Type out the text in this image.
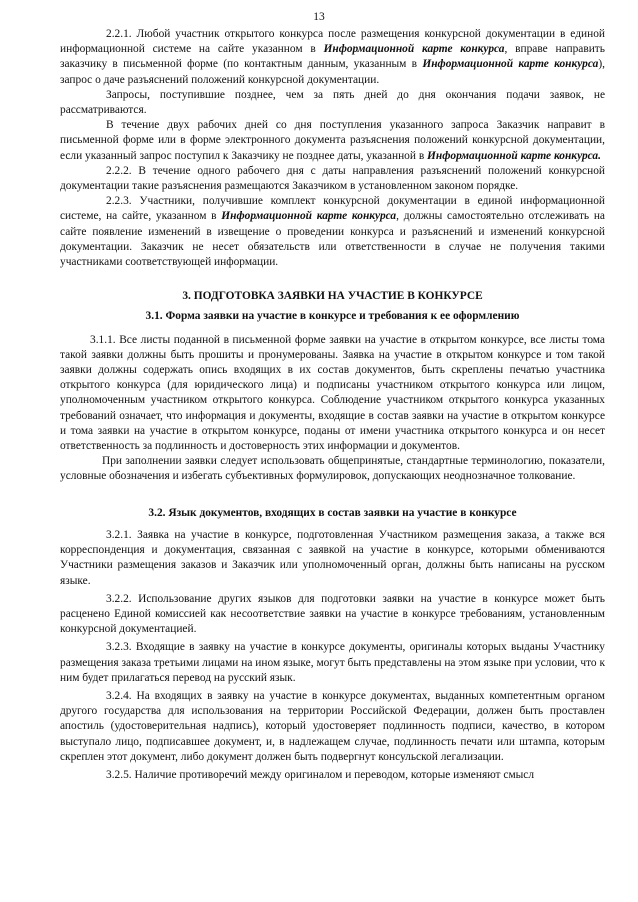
13

2.2.1. Любой участник открытого конкурса после размещения конкурсной документации в единой информационной системе на сайте указанном в Информационной карте конкурса, вправе направить заказчику в письменной форме (по контактным данным, указанным в Информационной карте конкурса), запрос о даче разъяснений положений конкурсной документации.

Запросы, поступившие позднее, чем за пять дней до дня окончания подачи заявок, не рассматриваются.

В течение двух рабочих дней со дня поступления указанного запроса Заказчик направит в письменной форме или в форме электронного документа разъяснения положений конкурсной документации, если указанный запрос поступил к Заказчику не позднее даты, указанной в Информационной карте конкурса.

2.2.2. В течение одного рабочего дня с даты направления разъяснений положений конкурсной документации такие разъяснения размещаются Заказчиком в установленном законом порядке.

2.2.3. Участники, получившие комплект конкурсной документации в единой информационной системе, на сайте, указанном в Информационной карте конкурса, должны самостоятельно отслеживать на сайте появление изменений в извещение о проведении конкурса и разъяснений и изменений конкурсной документации. Заказчик не несет обязательств или ответственности в случае не получения такими участниками соответствующей информации.

3. ПОДГОТОВКА ЗАЯВКИ НА УЧАСТИЕ В КОНКУРСЕ

3.1. Форма заявки на участие в конкурсе и требования к ее оформлению

3.1.1. Все листы поданной в письменной форме заявки на участие в открытом конкурсе, все листы тома такой заявки должны быть прошиты и пронумерованы. Заявка на участие в открытом конкурсе и том такой заявки должны содержать опись входящих в их состав документов, быть скреплены печатью участника открытого конкурса (для юридического лица) и подписаны участником открытого конкурса или лицом, уполномоченным участником открытого конкурса. Соблюдение участником открытого конкурса указанных требований означает, что информация и документы, входящие в состав заявки на участие в открытом конкурсе и тома заявки на участие в открытом конкурсе, поданы от имени участника открытого конкурса и он несет ответственность за подлинность и достоверность этих информации и документов.

При заполнении заявки следует использовать общепринятые, стандартные терминологию, показатели, условные обозначения и избегать субъективных формулировок, допускающих неоднозначное толкование.

3.2. Язык документов, входящих в состав заявки на участие в конкурсе

3.2.1. Заявка на участие в конкурсе, подготовленная Участником размещения заказа, а также вся корреспонденция и документация, связанная с заявкой на участие в конкурсе, которыми обмениваются Участники размещения заказов и Заказчик или уполномоченный орган, должны быть написаны на русском языке.

3.2.2. Использование других языков для подготовки заявки на участие в конкурсе может быть расценено Единой комиссией как несоответствие заявки на участие в конкурсе требованиям, установленным конкурсной документацией.

3.2.3. Входящие в заявку на участие в конкурсе документы, оригиналы которых выданы Участнику размещения заказа третьими лицами на ином языке, могут быть представлены на этом языке при условии, что к ним будет прилагаться перевод на русский язык.

3.2.4. На входящих в заявку на участие в конкурсе документах, выданных компетентным органом другого государства для использования на территории Российской Федерации, должен быть проставлен апостиль (удостоверительная надпись), который удостоверяет подлинность подписи, качество, в котором выступало лицо, подписавшее документ, и, в надлежащем случае, подлинность печати или штампа, которым скреплен этот документ, либо документ должен быть подвергнут консульской легализации.

3.2.5. Наличие противоречий между оригиналом и переводом, которые изменяют смысл
